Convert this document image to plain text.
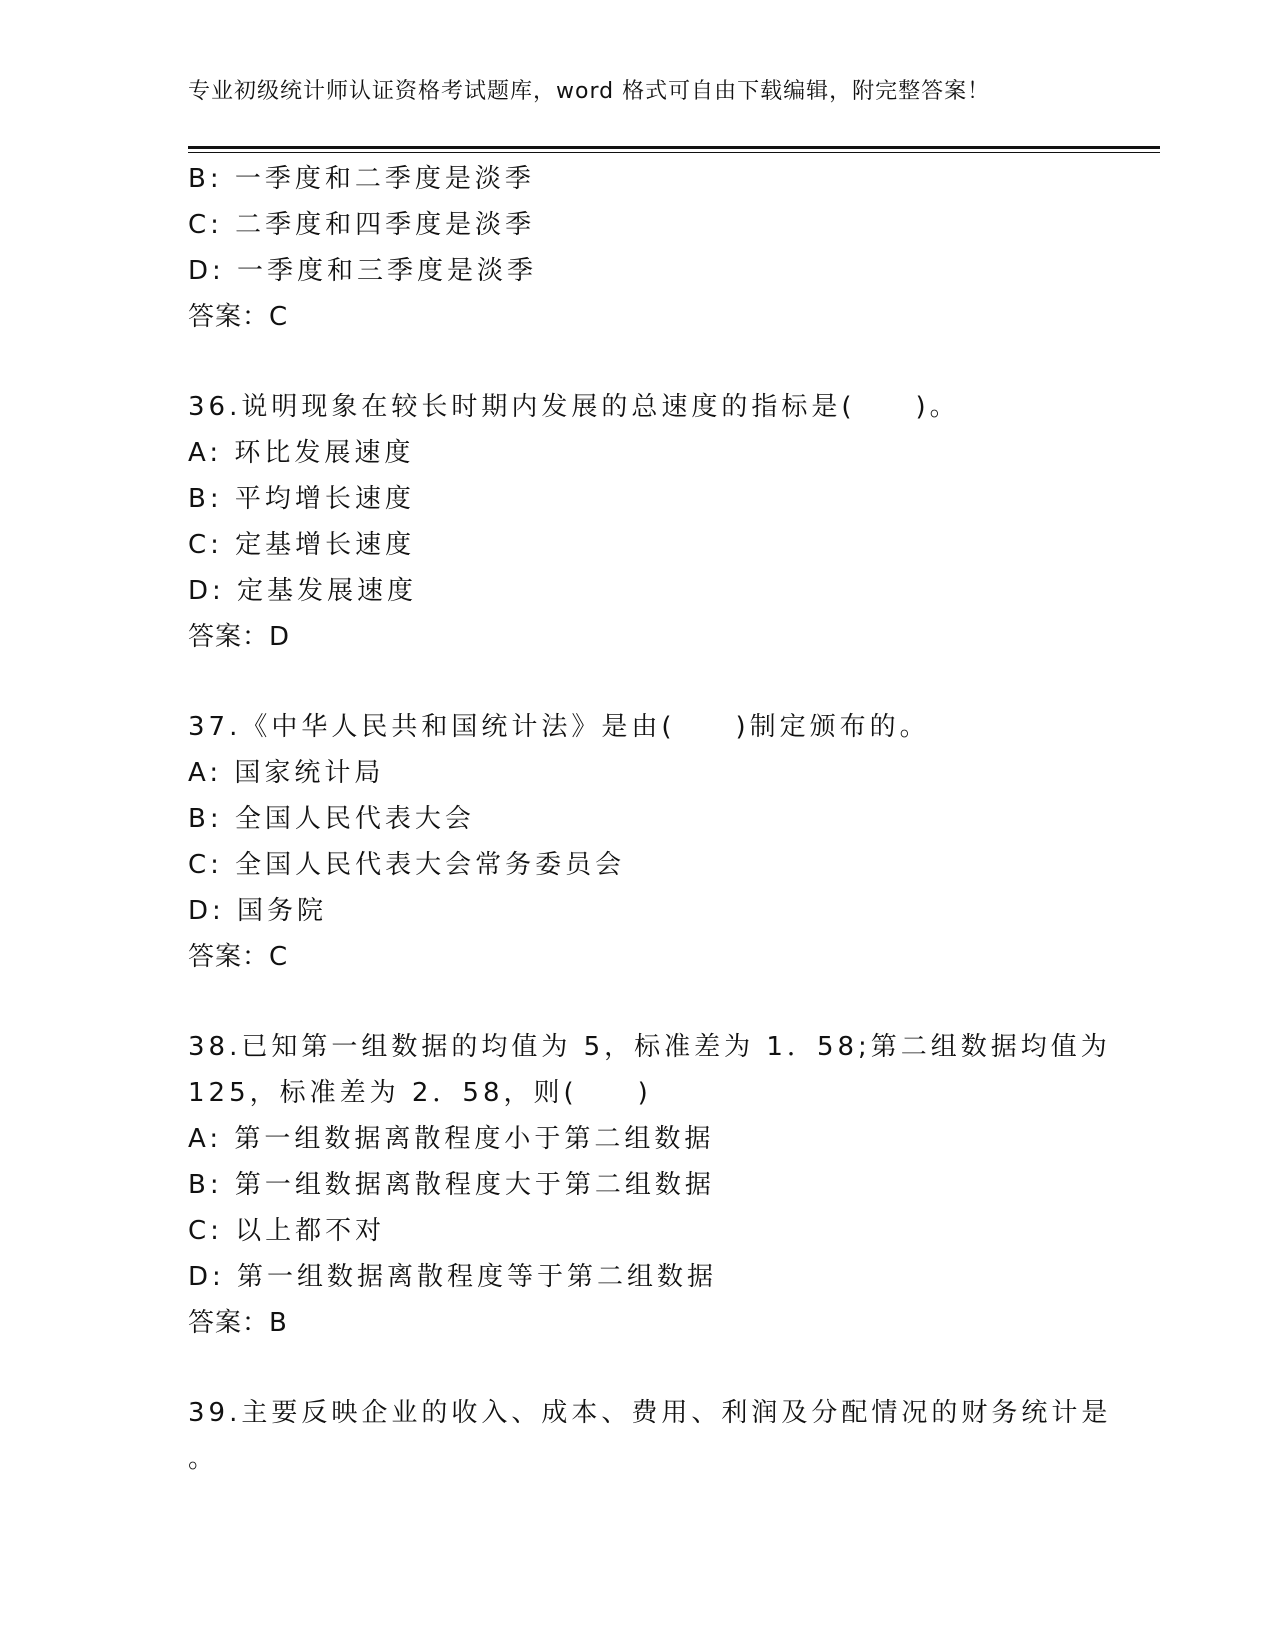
专业初级统计师认证资格考试题库，word 格式可自由下载编辑，附完整答案！
B: 一季度和二季度是淡季
C: 二季度和四季度是淡季
D: 一季度和三季度是淡季
答案：C
36.说明现象在较长时期内发展的总速度的指标是(　　)。
A: 环比发展速度
B: 平均增长速度
C: 定基增长速度
D: 定基发展速度
答案：D
37.《中华人民共和国统计法》是由(　　)制定颁布的。
A: 国家统计局
B: 全国人民代表大会
C: 全国人民代表大会常务委员会
D: 国务院
答案：C
38.已知第一组数据的均值为 5，标准差为 1．58;第二组数据均值为
125，标准差为 2．58，则(　　)
A: 第一组数据离散程度小于第二组数据
B: 第一组数据离散程度大于第二组数据
C: 以上都不对
D: 第一组数据离散程度等于第二组数据
答案：B
39.主要反映企业的收入、成本、费用、利润及分配情况的财务统计是
。
